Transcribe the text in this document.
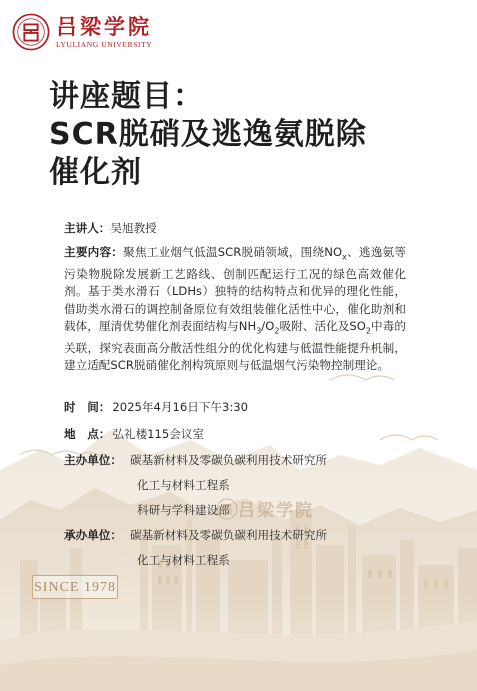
吕梁学院
LYULIANG UNIVERSITY
讲座题目：
SCR脱硝及逃逸氨脱除
催化剂
主讲人：吴旭教授
主要内容：聚焦工业烟气低温SCR脱硝领域，围绕$NO_x$、逃逸氨等污染物脱除发展新工艺路线、创制匹配运行工况的绿色高效催化剂。基于类水滑石（LDHs）独特的结构特点和优异的理化性能，借助类水滑石的调控制备原位有效组装催化活性中心，催化助剂和载体，厘清优势催化剂表面结构与$NH_3/O_2$吸附、活化及$SO_2$中毒的关联，探究表面高分散活性组分的优化构建与低温性能提升机制，建立适配SCR脱硝催化剂构筑原则与低温烟气污染物控制理论。
时　间： 2025年4月16日下午3:30
地　点： 弘礼楼115会议室
主办单位： 碳基新材料及零碳负碳利用技术研究所
化工与材料工程系
科研与学科建设部
承办单位： 碳基新材料及零碳负碳利用技术研究所
化工与材料工程系
吕梁学院
SINCE 1978
